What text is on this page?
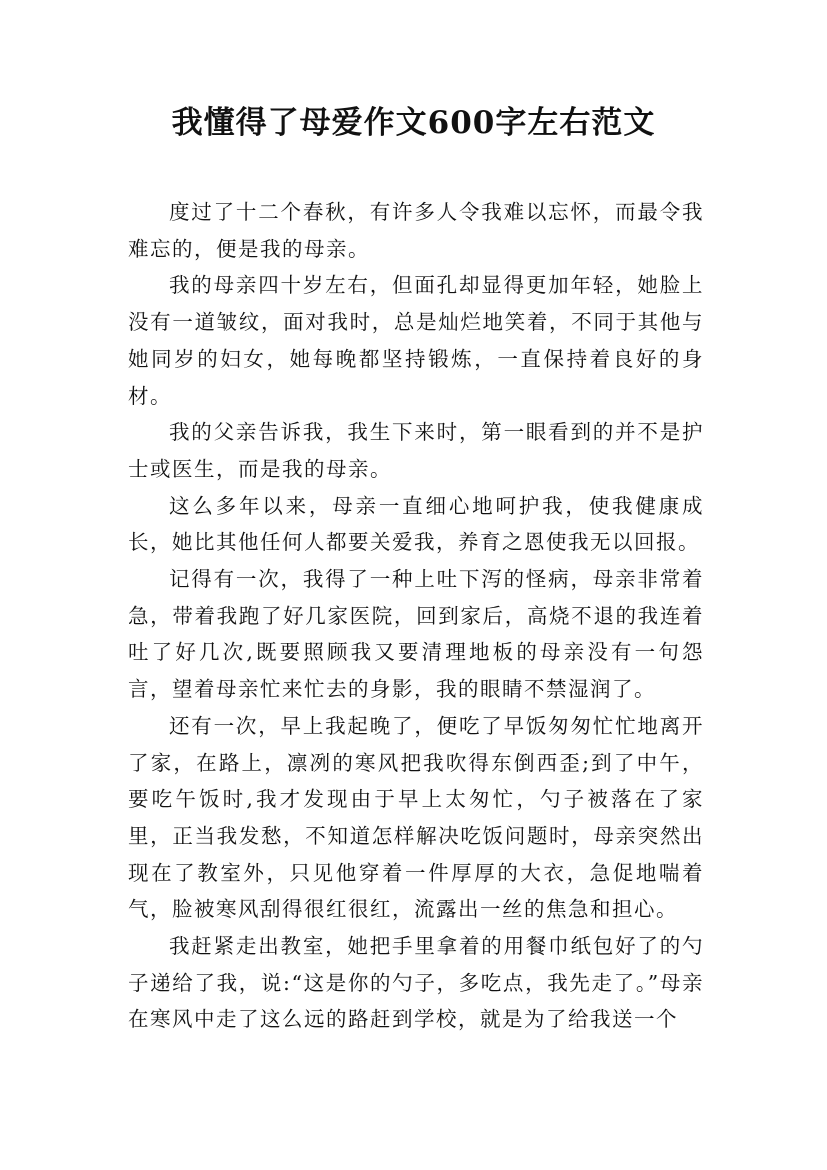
我懂得了母爱作文600字左右范文

度过了十二个春秋，有许多人令我难以忘怀，而最令我难忘的，便是我的母亲。

我的母亲四十岁左右，但面孔却显得更加年轻，她脸上没有一道皱纹，面对我时，总是灿烂地笑着，不同于其他与她同岁的妇女，她每晚都坚持锻炼，一直保持着良好的身材。

我的父亲告诉我，我生下来时，第一眼看到的并不是护士或医生，而是我的母亲。

这么多年以来，母亲一直细心地呵护我，使我健康成长，她比其他任何人都要关爱我，养育之恩使我无以回报。

记得有一次，我得了一种上吐下泻的怪病，母亲非常着急，带着我跑了好几家医院，回到家后，高烧不退的我连着吐了好几次,既要照顾我又要清理地板的母亲没有一句怨言，望着母亲忙来忙去的身影，我的眼睛不禁湿润了。

还有一次，早上我起晚了，便吃了早饭匆匆忙忙地离开了家，在路上，凛冽的寒风把我吹得东倒西歪;到了中午，要吃午饭时,我才发现由于早上太匆忙，勺子被落在了家里，正当我发愁，不知道怎样解决吃饭问题时，母亲突然出现在了教室外，只见他穿着一件厚厚的大衣，急促地喘着气，脸被寒风刮得很红很红，流露出一丝的焦急和担心。

我赶紧走出教室，她把手里拿着的用餐巾纸包好了的勺子递给了我，说:“这是你的勺子，多吃点，我先走了。”母亲在寒风中走了这么远的路赶到学校，就是为了给我送一个
